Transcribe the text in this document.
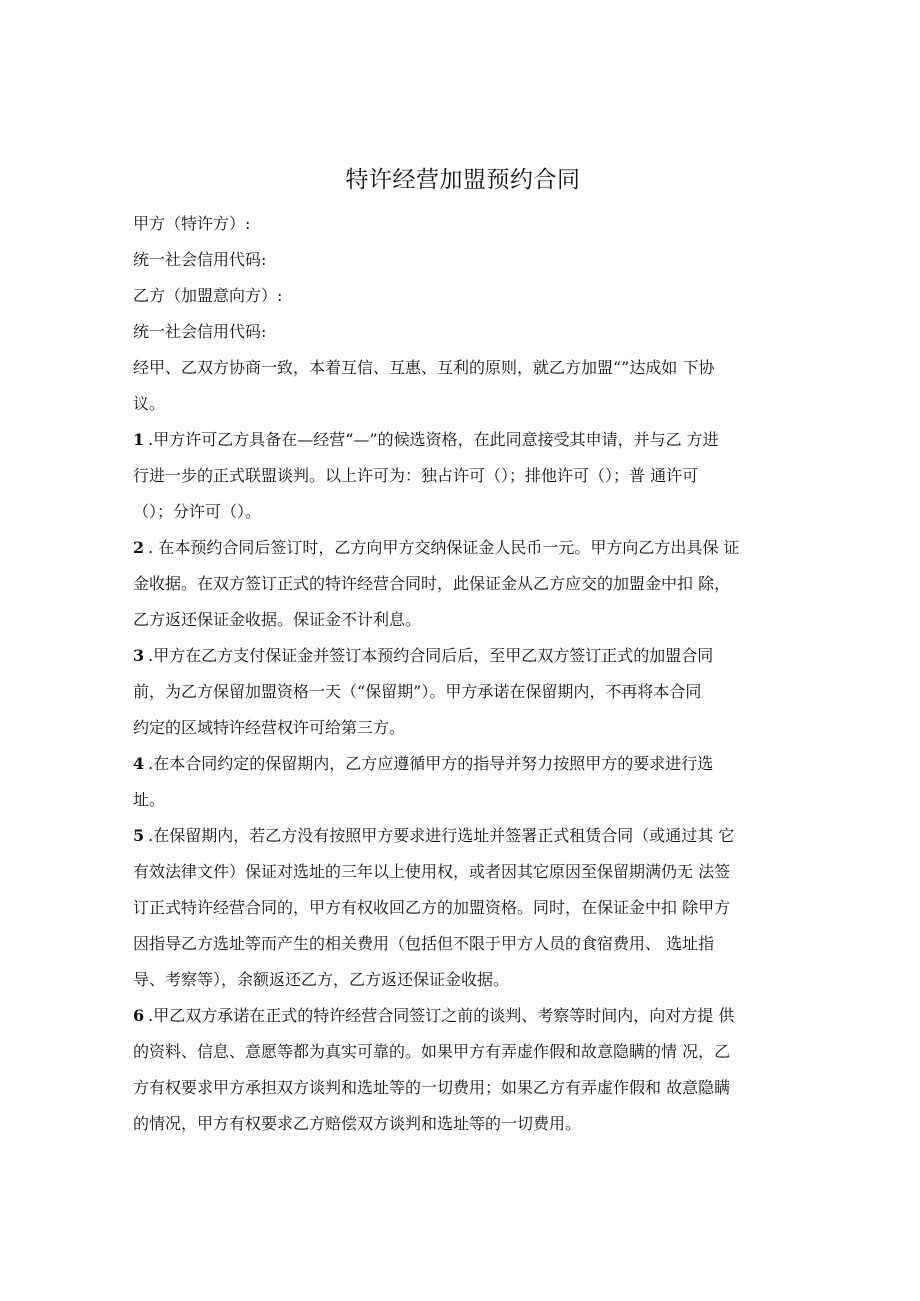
特许经营加盟预约合同

甲方（特许方）:

统一社会信用代码:

乙方（加盟意向方）:

统一社会信用代码:

经甲、乙双方协商一致，本着互信、互惠、互利的原则，就乙方加盟“”达成如 下协
议。

1 .甲方许可乙方具备在—经营“—”的候选资格，在此同意接受其申请，并与乙 方进
行进一步的正式联盟谈判。以上许可为：独占许可（）；排他许可（）；普 通许可
（）；分许可（）。

2 . 在本预约合同后签订时，乙方向甲方交纳保证金人民币一元。甲方向乙方出具保 证
金收据。在双方签订正式的特许经营合同时，此保证金从乙方应交的加盟金中扣 除，
乙方返还保证金收据。保证金不计利息。

3 .甲方在乙方支付保证金并签订本预约合同后后，至甲乙双方签订正式的加盟合同
前，为乙方保留加盟资格一天（“保留期”）。甲方承诺在保留期内，不再将本合同
约定的区域特许经营权许可给第三方。

4 .在本合同约定的保留期内，乙方应遵循甲方的指导并努力按照甲方的要求进行选
址。

5 .在保留期内，若乙方没有按照甲方要求进行选址并签署正式租赁合同（或通过其 它
有效法律文件）保证对选址的三年以上使用权，或者因其它原因至保留期满仍无 法签
订正式特许经营合同的，甲方有权收回乙方的加盟资格。同时，在保证金中扣 除甲方
因指导乙方选址等而产生的相关费用（包括但不限于甲方人员的食宿费用、 选址指
导、考察等），余额返还乙方，乙方返还保证金收据。

6 .甲乙双方承诺在正式的特许经营合同签订之前的谈判、考察等时间内，向对方提 供
的资料、信息、意愿等都为真实可靠的。如果甲方有弄虚作假和故意隐瞒的情 况，乙
方有权要求甲方承担双方谈判和选址等的一切费用；如果乙方有弄虚作假和 故意隐瞒
的情况，甲方有权要求乙方赔偿双方谈判和选址等的一切费用。
